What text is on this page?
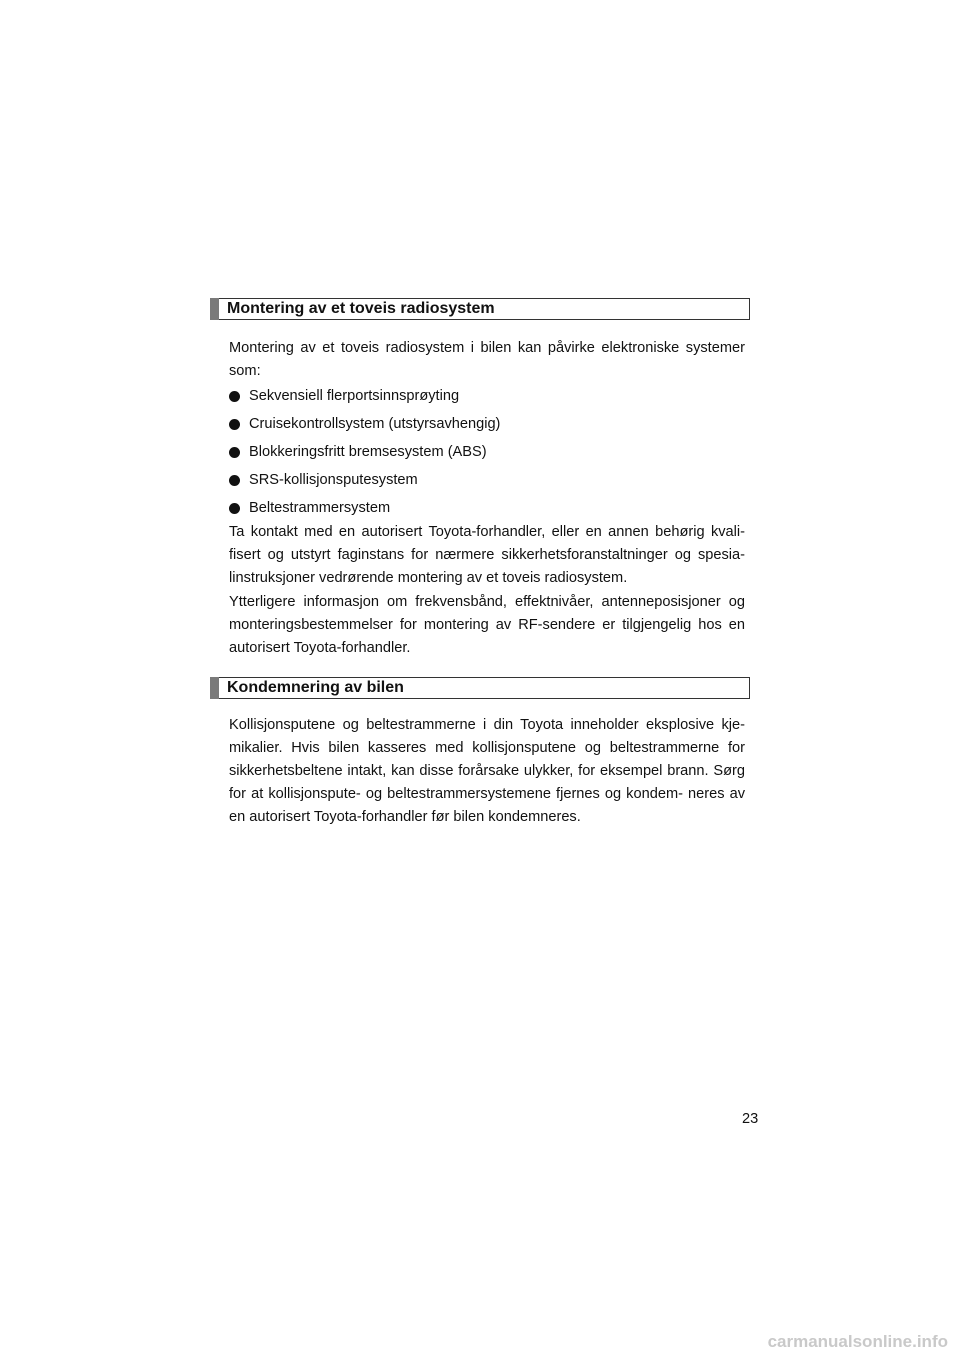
Montering av et toveis radiosystem
Montering av et toveis radiosystem i bilen kan påvirke elektroniske systemer som:
Sekvensiell flerportsinnsprøyting
Cruisekontrollsystem (utstyrsavhengig)
Blokkeringsfritt bremsesystem (ABS)
SRS-kollisjonsputesystem
Beltestrammersystem
Ta kontakt med en autorisert Toyota-forhandler, eller en annen behørig kvali- fisert og utstyrt faginstans for nærmere sikkerhetsforanstaltninger og spesia- linstruksjoner vedrørende montering av et toveis radiosystem.
Ytterligere informasjon om frekvensbånd, effektnivåer, antenneposisjoner og monteringsbestemmelser for montering av RF-sendere er tilgjengelig hos en autorisert Toyota-forhandler.
Kondemnering av bilen
Kollisjonsputene og beltestrammerne i din Toyota inneholder eksplosive kje- mikalier. Hvis bilen kasseres med kollisjonsputene og beltestrammerne for sikkerhetsbeltene intakt, kan disse forårsake ulykker, for eksempel brann. Sørg for at kollisjonspute- og beltestrammersystemene fjernes og kondem- neres av en autorisert Toyota-forhandler før bilen kondemneres.
23
carmanualsonline.info
